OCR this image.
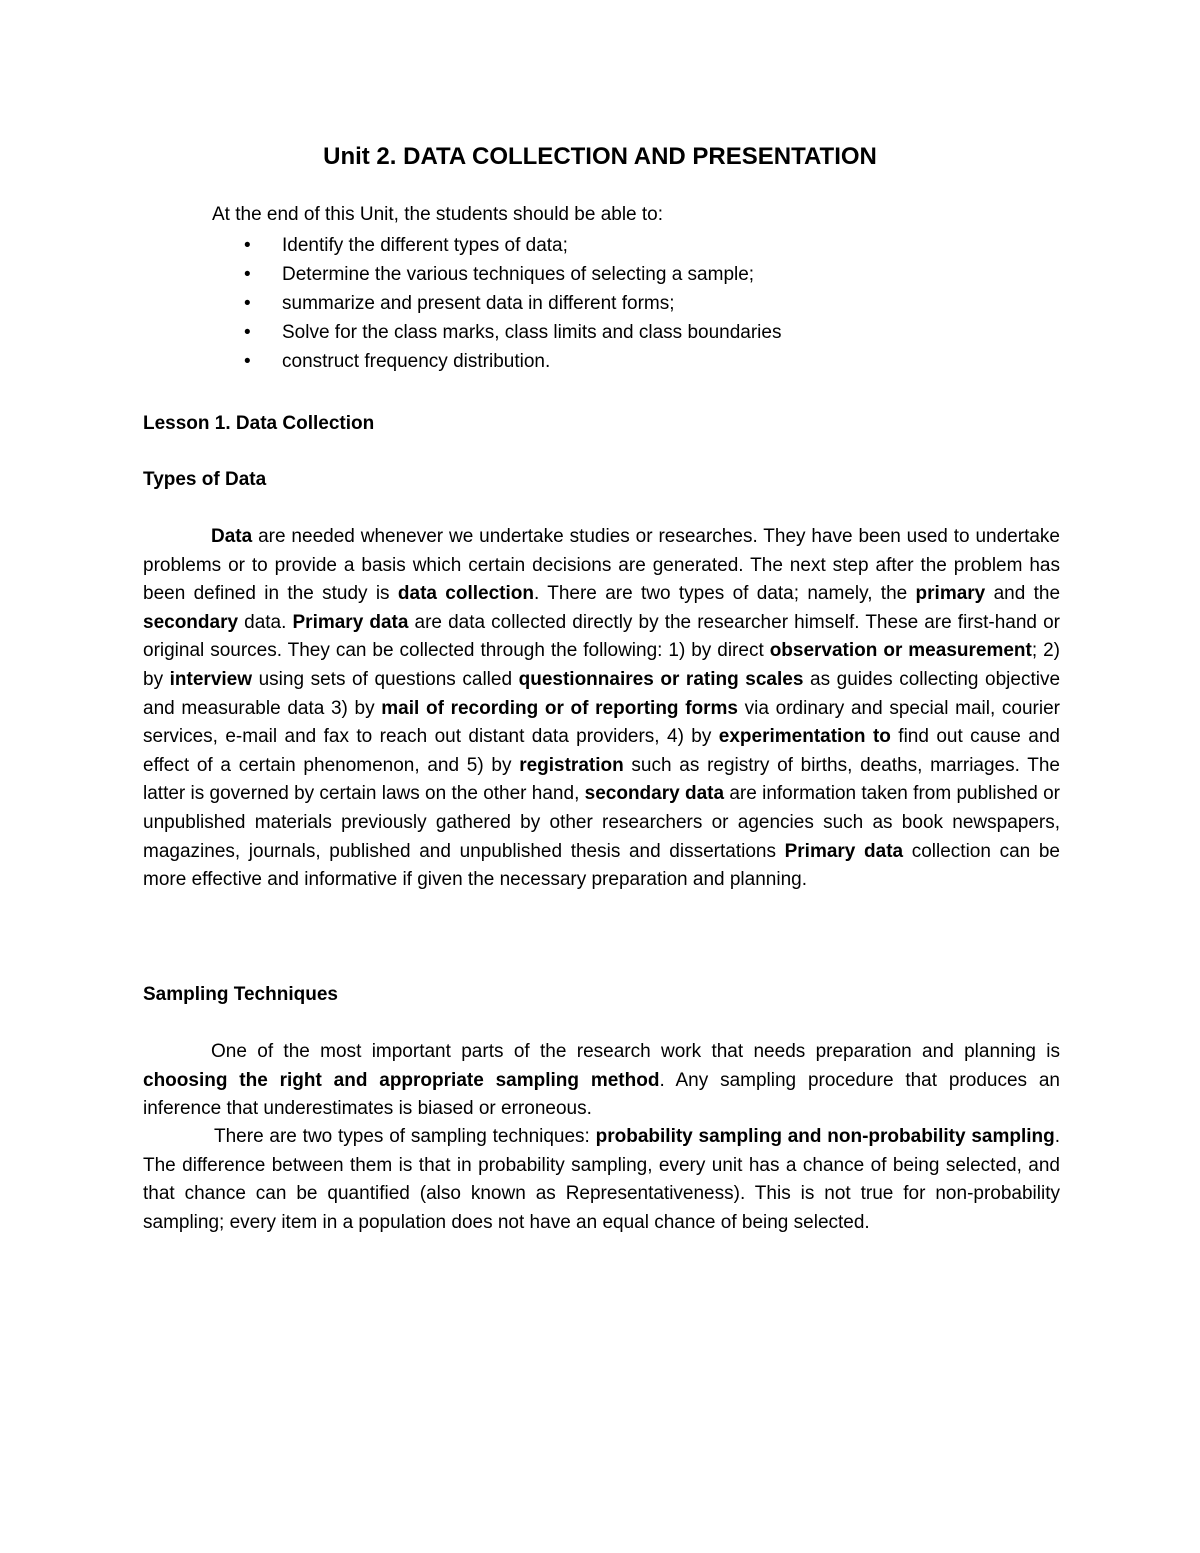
Unit 2. DATA COLLECTION AND PRESENTATION
At the end of this Unit, the students should be able to:
•	Identify the different types of data;
•	Determine the various techniques of selecting a sample;
•	summarize and present data in different forms;
•	Solve for the class marks, class limits and class boundaries
•	construct frequency distribution.
Lesson 1. Data Collection
Types of Data

Data are needed whenever we undertake studies or researches. They have been used to undertake problems or to provide a basis which certain decisions are generated. The next step after the problem has been defined in the study is data collection. There are two types of data; namely, the primary and the secondary data. Primary data are data collected directly by the researcher himself. These are first-hand or original sources. They can be collected through the following: 1) by direct observation or measurement; 2) by interview using sets of questions called questionnaires or rating scales as guides collecting objective and measurable data 3) by mail of recording or of reporting forms via ordinary and special mail, courier services, e-mail and fax to reach out distant data providers, 4) by experimentation to find out cause and effect of a certain phenomenon, and 5) by registration such as registry of births, deaths, marriages. The latter is governed by certain laws on the other hand, secondary data are information taken from published or unpublished materials previously gathered by other researchers or agencies such as book newspapers, magazines, journals, published and unpublished thesis and dissertations Primary data collection can be more effective and informative if given the necessary preparation and planning.

Sampling Techniques

One of the most important parts of the research work that needs preparation and planning is choosing the right and appropriate sampling method. Any sampling procedure that produces an inference that underestimates is biased or erroneous.

There are two types of sampling techniques: probability sampling and non-probability sampling. The difference between them is that in probability sampling, every unit has a chance of being selected, and that chance can be quantified (also known as Representativeness). This is not true for non-probability sampling; every item in a population does not have an equal chance of being selected.
